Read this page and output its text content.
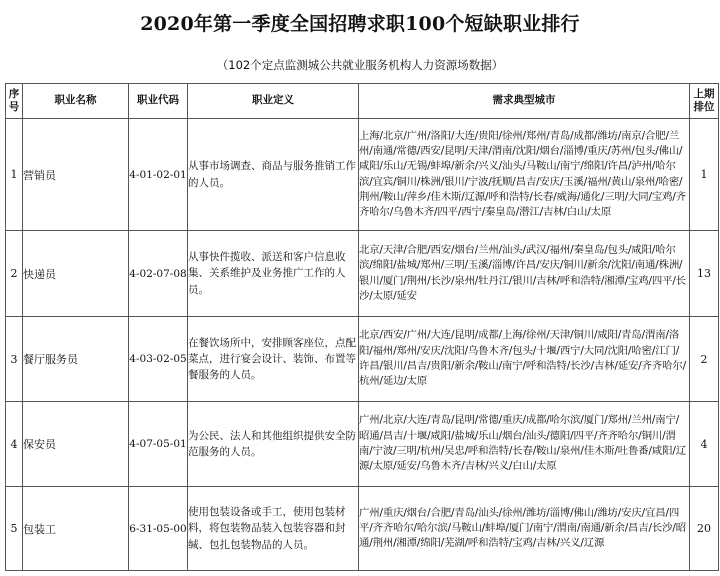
2020年第一季度全国招聘求职100个短缺职业排行
（102个定点监测城公共就业服务机构人力资源场数据）
序号	职业名称	职业代码	职业定义	需求典型城市	上期排位
1	营销员	4-01-02-01	从事市场调查、商品与服务推销工作的人员。	上海/北京/广州/洛阳/大连/贵阳/徐州/郑州/青岛/成都/潍坊/南京/合肥/兰州/南通/常德/西安/昆明/天津/渭南/沈阳/烟台/淄博/重庆/苏州/包头/佛山/咸阳/乐山/无锡/蚌埠/新余/兴义/汕头/马鞍山/南宁/绵阳/许昌/泸州/哈尔滨/宜宾/铜川/株洲/银川/宁波/抚顺/昌吉/安庆/玉溪/福州/黄山/泉州/哈密/荆州/鞍山/萍乡/佳木斯/辽源/呼和浩特/长春/威海/通化/三明/大同/宝鸡/齐齐哈尔/乌鲁木齐/四平/西宁/秦皇岛/潜江/吉林/白山/太原	1
2	快递员	4-02-07-08	从事快件揽收、派送和客户信息收集、关系维护及业务推广工作的人员。	北京/天津/合肥/西安/烟台/兰州/汕头/武汉/福州/秦皇岛/包头/咸阳/哈尔滨/绵阳/盐城/郑州/三明/玉溪/淄博/许昌/安庆/铜川/新余/沈阳/南通/株洲/银川/厦门/荆州/长沙/泉州/牡丹江/银川/吉林/呼和浩特/湘潭/宝鸡/四平/长沙/太原/延安	13
3	餐厅服务员	4-03-02-05	在餐饮场所中，安排顾客座位，点配菜点，进行宴会设计、装饰、布置等餐服务的人员。	北京/西安/广州/大连/昆明/成都/上海/徐州/天津/铜川/咸阳/青岛/渭南/洛阳/福州/郑州/安庆/沈阳/乌鲁木齐/包头/十堰/西宁/大同/沈阳/哈密/江门/许昌/银川/昌吉/贵阳/新余/鞍山/南宁/呼和浩特/长沙/吉林/延安/齐齐哈尔/杭州/延边/太原	2
4	保安员	4-07-05-01	为公民、法人和其他组织提供安全防范服务的人员。	广州/北京/大连/青岛/昆明/常德/重庆/成都/哈尔滨/厦门/郑州/兰州/南宁/昭通/昌吉/十堰/咸阳/盐城/乐山/烟台/汕头/德阳/四平/齐齐哈尔/铜川/渭南/宁波/三明/杭州/吴忠/呼和浩特/长春/鞍山/泉州/佳木斯/吐鲁番/咸阳/辽源/太原/延安/乌鲁木齐/吉林/兴义/白山/太原	4
5	包装工	6-31-05-00	使用包装设备或手工，使用包装材料，将包装物品装入包装容器和封缄、包扎包装物品的人员。	广州/重庆/烟台/合肥/青岛/汕头/徐州/潍坊/淄博/佛山/潍坊/安庆/宜昌/四平/齐齐哈尔/哈尔滨/马鞍山/蚌埠/厦门/南宁/渭南/南通/新余/昌吉/长沙/昭通/荆州/湘潭/绵阳/芜湖/呼和浩特/宝鸡/吉林/兴义/辽源	20
